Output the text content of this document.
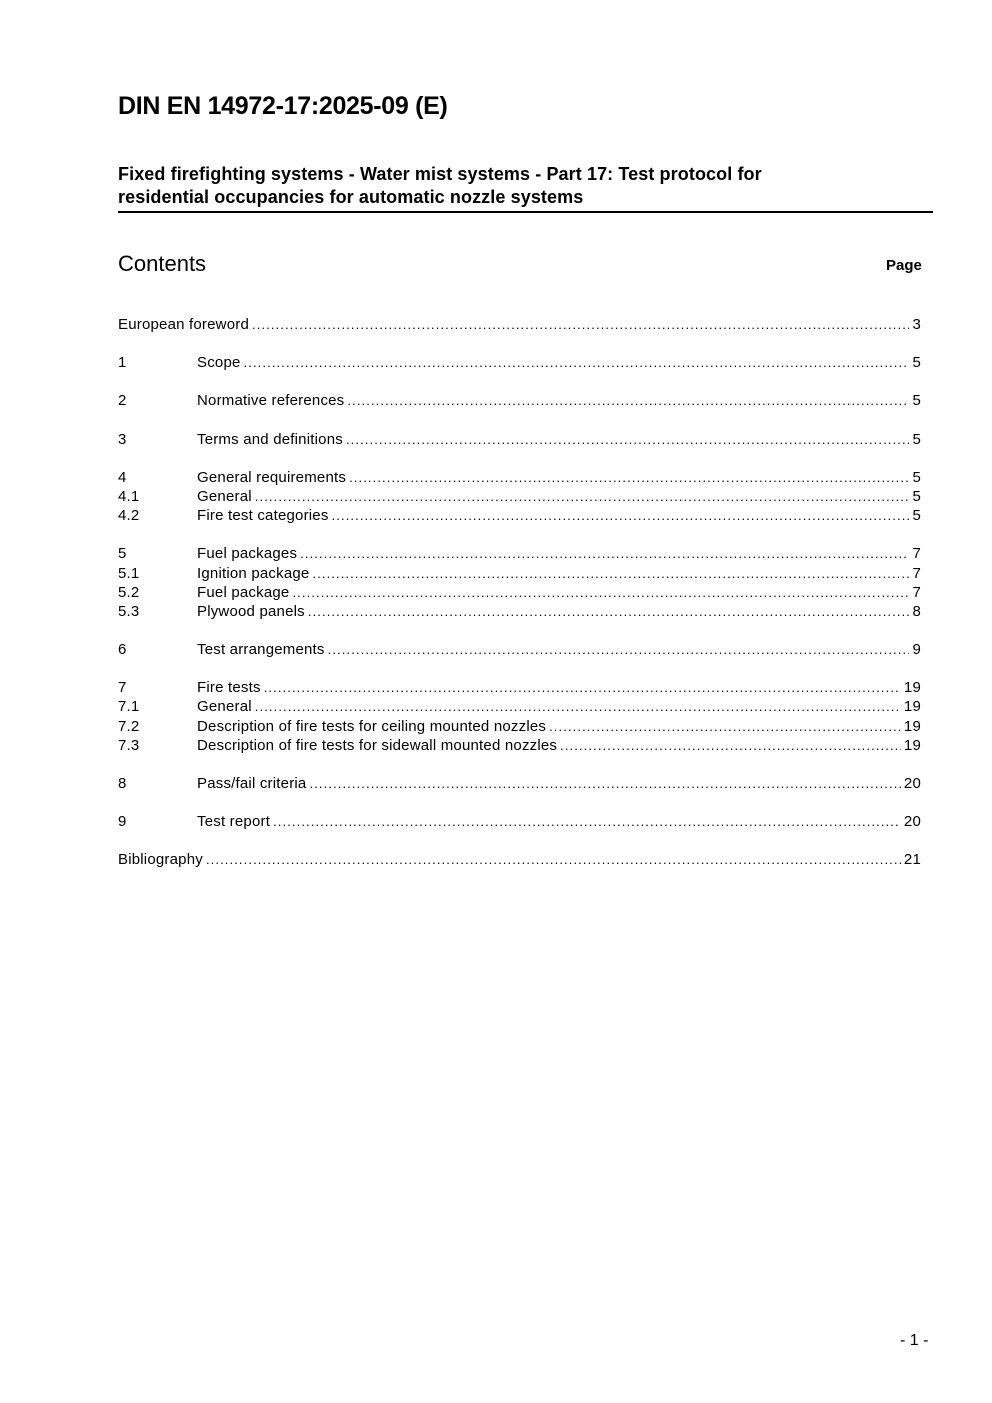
DIN EN 14972-17:2025-09 (E)
Fixed firefighting systems - Water mist systems - Part 17: Test protocol for
residential occupancies for automatic nozzle systems
Contents	Page
European foreword .....	3
1	Scope .....	5
2	Normative references .....	5
3	Terms and definitions .....	5
4	General requirements .....	5
4.1	General .....	5
4.2	Fire test categories .....	5
5	Fuel packages .....	7
5.1	Ignition package .....	7
5.2	Fuel package .....	7
5.3	Plywood panels .....	8
6	Test arrangements .....	9
7	Fire tests .....	19
7.1	General .....	19
7.2	Description of fire tests for ceiling mounted nozzles .....	19
7.3	Description of fire tests for sidewall mounted nozzles .....	19
8	Pass/fail criteria .....	20
9	Test report .....	20
Bibliography .....	21
- 1 -
